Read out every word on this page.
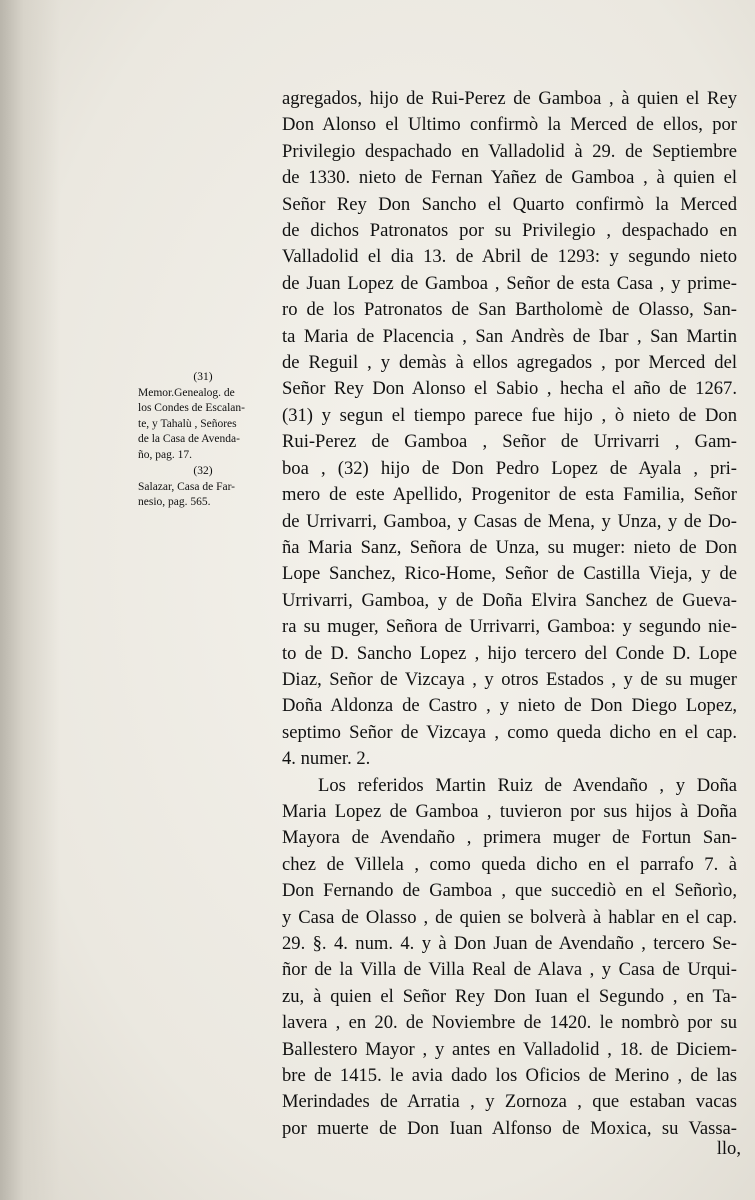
(31)
Memor.Genealog. de
los Condes de Escalan-
te, y Tahalù , Señores
de la Casa de Avenda-
ño, pag. 17.
(32)
Salazar, Casa de Far-
nesio, pag. 565.
agregados, hijo de Rui-Perez de Gamboa , à quien el Rey
Don Alonso el Ultimo confirmò la Merced de ellos, por
Privilegio despachado en Valladolid à 29. de Septiembre
de 1330. nieto de Fernan Yañez de Gamboa , à quien el
Señor Rey Don Sancho el Quarto confirmò la Merced
de dichos Patronatos por su Privilegio , despachado en
Valladolid el dia 13. de Abril de 1293: y segundo nieto
de Juan Lopez de Gamboa , Señor de esta Casa , y prime-
ro de los Patronatos de San Bartholomè de Olasso, San-
ta Maria de Placencia , San Andrès de Ibar , San Martin
de Reguil , y demàs à ellos agregados , por Merced del
Señor Rey Don Alonso el Sabio , hecha el año de 1267.
(31) y segun el tiempo parece fue hijo , ò nieto de Don
Rui-Perez de Gamboa , Señor de Urrivarri , Gam-
boa , (32) hijo de Don Pedro Lopez de Ayala , pri-
mero de este Apellido, Progenitor de esta Familia, Señor
de Urrivarri, Gamboa, y Casas de Mena, y Unza, y de Do-
ña Maria Sanz, Señora de Unza, su muger: nieto de Don
Lope Sanchez, Rico-Home, Señor de Castilla Vieja, y de
Urrivarri, Gamboa, y de Doña Elvira Sanchez de Gueva-
ra su muger, Señora de Urrivarri, Gamboa: y segundo nie-
to de D. Sancho Lopez , hijo tercero del Conde D. Lope
Diaz, Señor de Vizcaya , y otros Estados , y de su muger
Doña Aldonza de Castro , y nieto de Don Diego Lopez,
septimo Señor de Vizcaya , como queda dicho en el cap.
4. numer. 2.
Los referidos Martin Ruiz de Avendaño , y Doña
Maria Lopez de Gamboa , tuvieron por sus hijos à Doña
Mayora de Avendaño , primera muger de Fortun San-
chez de Villela , como queda dicho en el parrafo 7. à
Don Fernando de Gamboa , que succediò en el Señorìo,
y Casa de Olasso , de quien se bolverà à hablar en el cap.
29. §. 4. num. 4. y à Don Juan de Avendaño , tercero Se-
ñor de la Villa de Villa Real de Alava , y Casa de Urqui-
zu, à quien el Señor Rey Don Iuan el Segundo , en Ta-
lavera , en 20. de Noviembre de 1420. le nombrò por su
Ballestero Mayor , y antes en Valladolid , 18. de Diciem-
bre de 1415. le avia dado los Oficios de Merino , de las
Merindades de Arratia , y Zornoza , que estaban vacas
por muerte de Don Iuan Alfonso de Moxica, su Vassa-
llo,
